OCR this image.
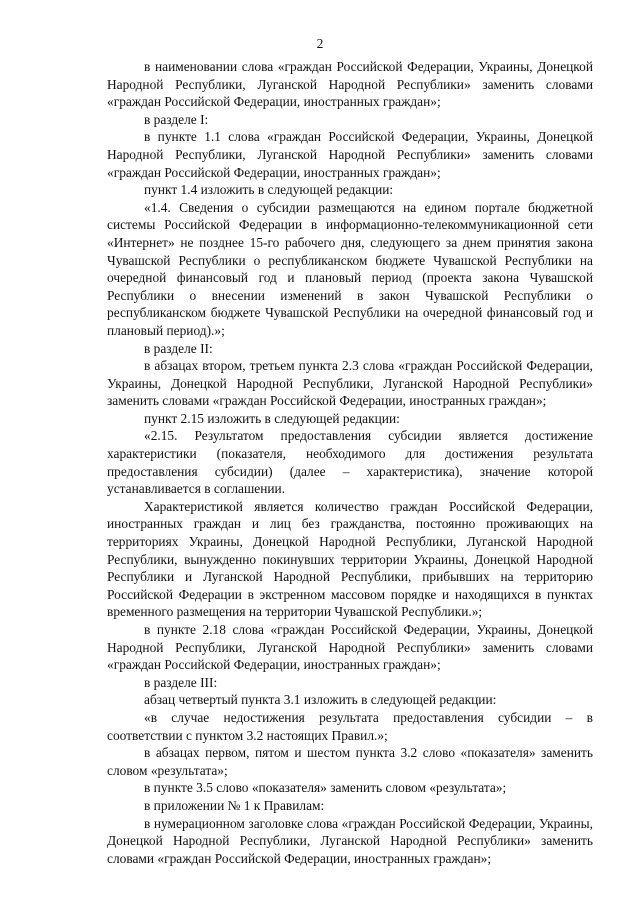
2

в наименовании слова «граждан Российской Федерации, Украины, Донецкой Народной Республики, Луганской Народной Республики» заменить словами «граждан Российской Федерации, иностранных граждан»;

в разделе I:

в пункте 1.1 слова «граждан Российской Федерации, Украины, Донецкой Народной Республики, Луганской Народной Республики» заменить словами «граждан Российской Федерации, иностранных граждан»;

пункт 1.4 изложить в следующей редакции:

«1.4. Сведения о субсидии размещаются на едином портале бюджетной системы Российской Федерации в информационно-телекоммуникационной сети «Интернет» не позднее 15-го рабочего дня, следующего за днем принятия закона Чувашской Республики о республиканском бюджете Чувашской Республики на очередной финансовый год и плановый период (проекта закона Чувашской Республики о внесении изменений в закон Чувашской Республики о республиканском бюджете Чувашской Республики на очередной финансовый год и плановый период).»;

в разделе II:

в абзацах втором, третьем пункта 2.3 слова «граждан Российской Федерации, Украины, Донецкой Народной Республики, Луганской Народной Республики» заменить словами «граждан Российской Федерации, иностранных граждан»;

пункт 2.15 изложить в следующей редакции:

«2.15. Результатом предоставления субсидии является достижение характеристики (показателя, необходимого для достижения результата предоставления субсидии) (далее – характеристика), значение которой устанавливается в соглашении.

Характеристикой является количество граждан Российской Федерации, иностранных граждан и лиц без гражданства, постоянно проживающих на территориях Украины, Донецкой Народной Республики, Луганской Народной Республики, вынужденно покинувших территории Украины, Донецкой Народной Республики и Луганской Народной Республики, прибывших на территорию Российской Федерации в экстренном массовом порядке и находящихся в пунктах временного размещения на территории Чувашской Республики.»;

в пункте 2.18 слова «граждан Российской Федерации, Украины, Донецкой Народной Республики, Луганской Народной Республики» заменить словами «граждан Российской Федерации, иностранных граждан»;

в разделе III:

абзац четвертый пункта 3.1 изложить в следующей редакции:

«в случае недостижения результата предоставления субсидии – в соответствии с пунктом 3.2 настоящих Правил.»;

в абзацах первом, пятом и шестом пункта 3.2 слово «показателя» заменить словом «результата»;

в пункте 3.5 слово «показателя» заменить словом «результата»;

в приложении № 1 к Правилам:

в нумерационном заголовке слова «граждан Российской Федерации, Украины, Донецкой Народной Республики, Луганской Народной Республики» заменить словами «граждан Российской Федерации, иностранных граждан»;
